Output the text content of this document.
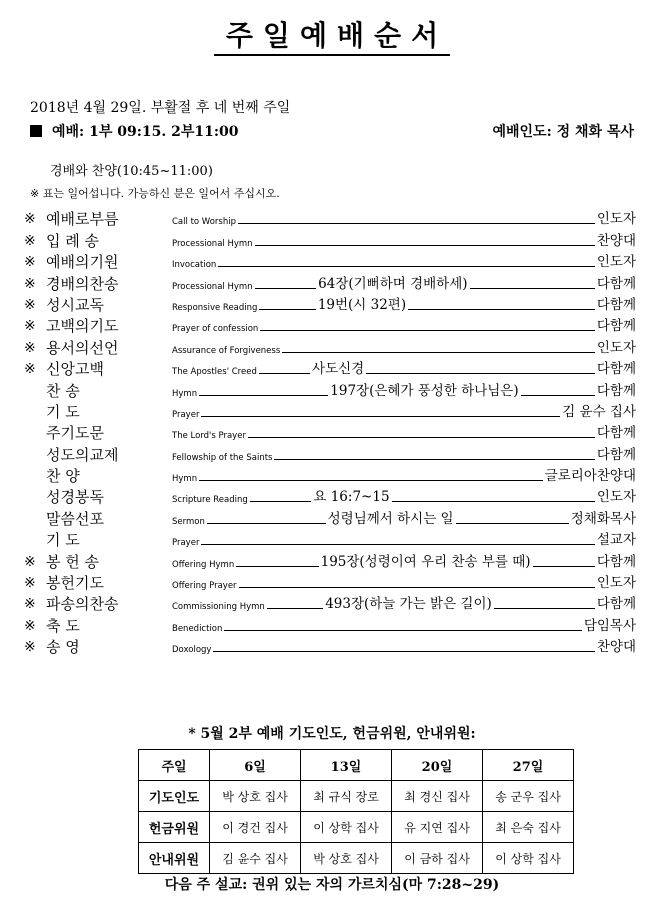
주일예배순서
2018년 4월 29일. 부활절 후 네 번째 주일
예배: 1부 09:15. 2부11:00	예배인도: 정 채화 목사
경배와 찬양(10:45~11:00)
※ 표는 일어섭니다. 가능하신 분은 일어서 주십시오.
※ 예배로부름	Call to Worship	인도자
※ 입 례 송	Processional Hymn	찬양대
※ 예배의기원	Invocation	인도자
※ 경배의찬송	Processional Hymn	64장(기뻐하며 경배하세)	다함께
※ 성시교독	Responsive Reading	19번(시 32편)	다함께
※ 고백의기도	Prayer of confession	다함께
※ 용서의선언	Assurance of Forgiveness	인도자
※ 신앙고백	The Apostles' Creed	사도신경	다함께
찬 송	Hymn	197장(은혜가 풍성한 하나님은)	다함께
기 도	Prayer	김 윤수 집사
주기도문	The Lord's Prayer	다함께
성도의교제	Fellowship of the Saints	다함께
찬 양	Hymn	글로리아찬양대
성경봉독	Scripture Reading	요 16:7~15	인도자
말씀선포	Sermon	성령님께서 하시는 일	정채화목사
기 도	Prayer	설교자
※ 봉 헌 송	Offering Hymn	195장(성령이여 우리 찬송 부를 때)	다함께
※ 봉헌기도	Offering Prayer	인도자
※ 파송의찬송	Commissioning Hymn	493장(하늘 가는 밝은 길이)	다함께
※ 축 도	Benediction	담임목사
※ 송 영	Doxology	찬양대
* 5월 2부 예배 기도인도, 헌금위원, 안내위원:
주일	6일	13일	20일	27일
기도인도	박 상호 집사	최 규식 장로	최 경신 집사	송 군우 집사
헌금위원	이 경건 집사	이 상학 집사	유 지연 집사	최 은숙 집사
안내위원	김 윤수 집사	박 상호 집사	이 금하 집사	이 상학 집사
다음 주 설교: 권위 있는 자의 가르치심(마 7:28~29)
